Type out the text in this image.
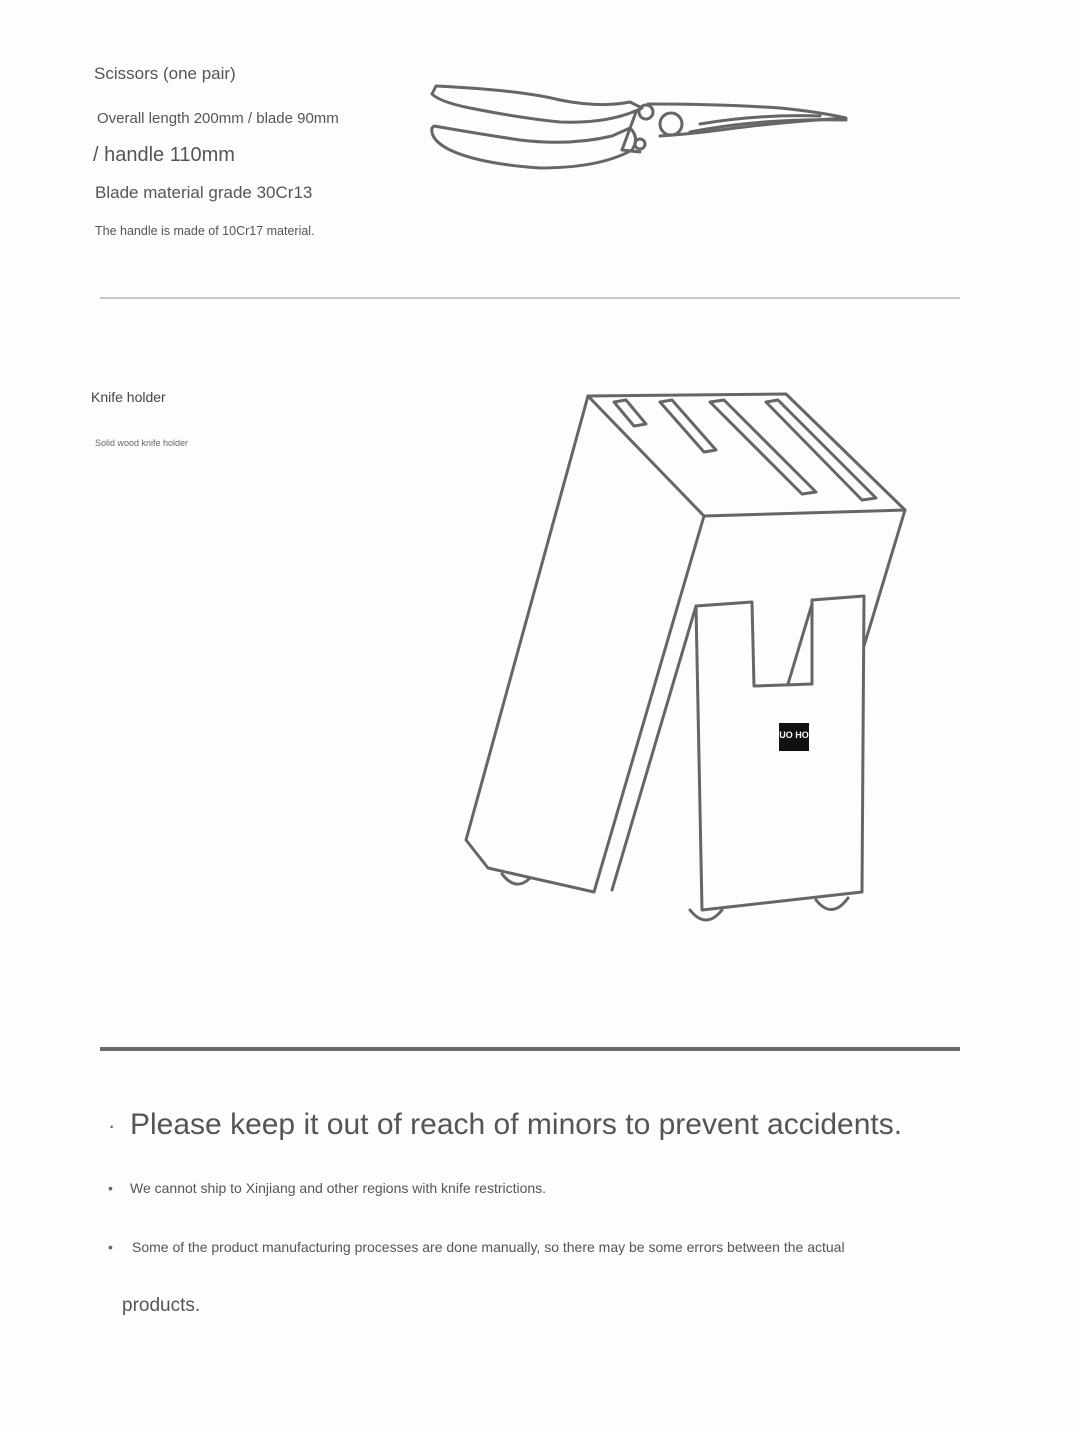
Scissors (one pair)
Overall length 200mm / blade 90mm
/ handle 110mm
Blade material grade 30Cr13
The handle is made of 10Cr17 material.
Knife holder
Solid wood knife holder
HUO HOU
· Please keep it out of reach of minors to prevent accidents.
• We cannot ship to Xinjiang and other regions with knife restrictions.
• Some of the product manufacturing processes are done manually, so there may be some errors between the actual
products.
